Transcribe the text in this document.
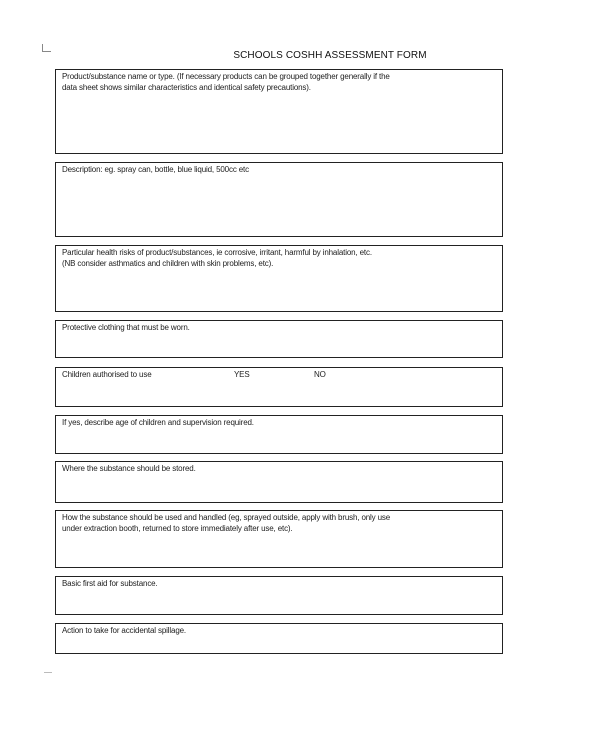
SCHOOLS COSHH ASSESSMENT FORM
Product/substance name or type. (If necessary products can be grouped together generally if the
data sheet shows similar characteristics and identical safety precautions).
Description: eg. spray can, bottle, blue liquid, 500cc etc
Particular health risks of product/substances, ie corrosive, irritant, harmful by inhalation, etc.
(NB consider asthmatics and children with skin problems, etc).
Protective clothing that must be worn.
Children authorised to use	YES	NO
If yes, describe age of children and supervision required.
Where the substance should be stored.
How the substance should be used and handled (eg, sprayed outside, apply with brush, only use
under extraction booth, returned to store immediately after use, etc).
Basic first aid for substance.
Action to take for accidental spillage.
